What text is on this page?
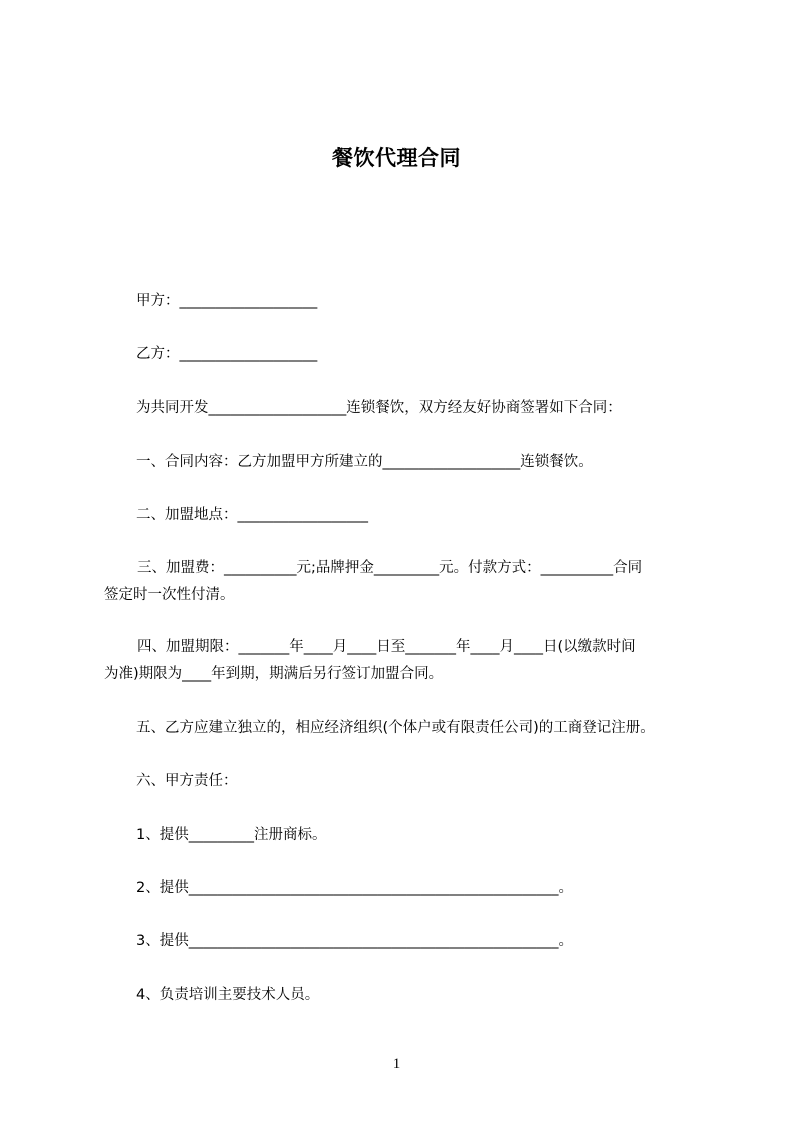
餐饮代理合同
甲方：___________________
乙方：___________________
为共同开发___________________连锁餐饮，双方经友好协商签署如下合同：
一、合同内容：乙方加盟甲方所建立的___________________连锁餐饮。
二、加盟地点：__________________
三、加盟费：__________元;品牌押金_________元。付款方式：__________合同
签定时一次性付清。
四、加盟期限：_______年____月____日至_______年____月____日(以缴款时间
为准)期限为____年到期，期满后另行签订加盟合同。
五、乙方应建立独立的，相应经济组织(个体户或有限责任公司)的工商登记注册。
六、甲方责任：
1、提供_________注册商标。
2、提供___________________________________________________。
3、提供___________________________________________________。
4、负责培训主要技术人员。
1
